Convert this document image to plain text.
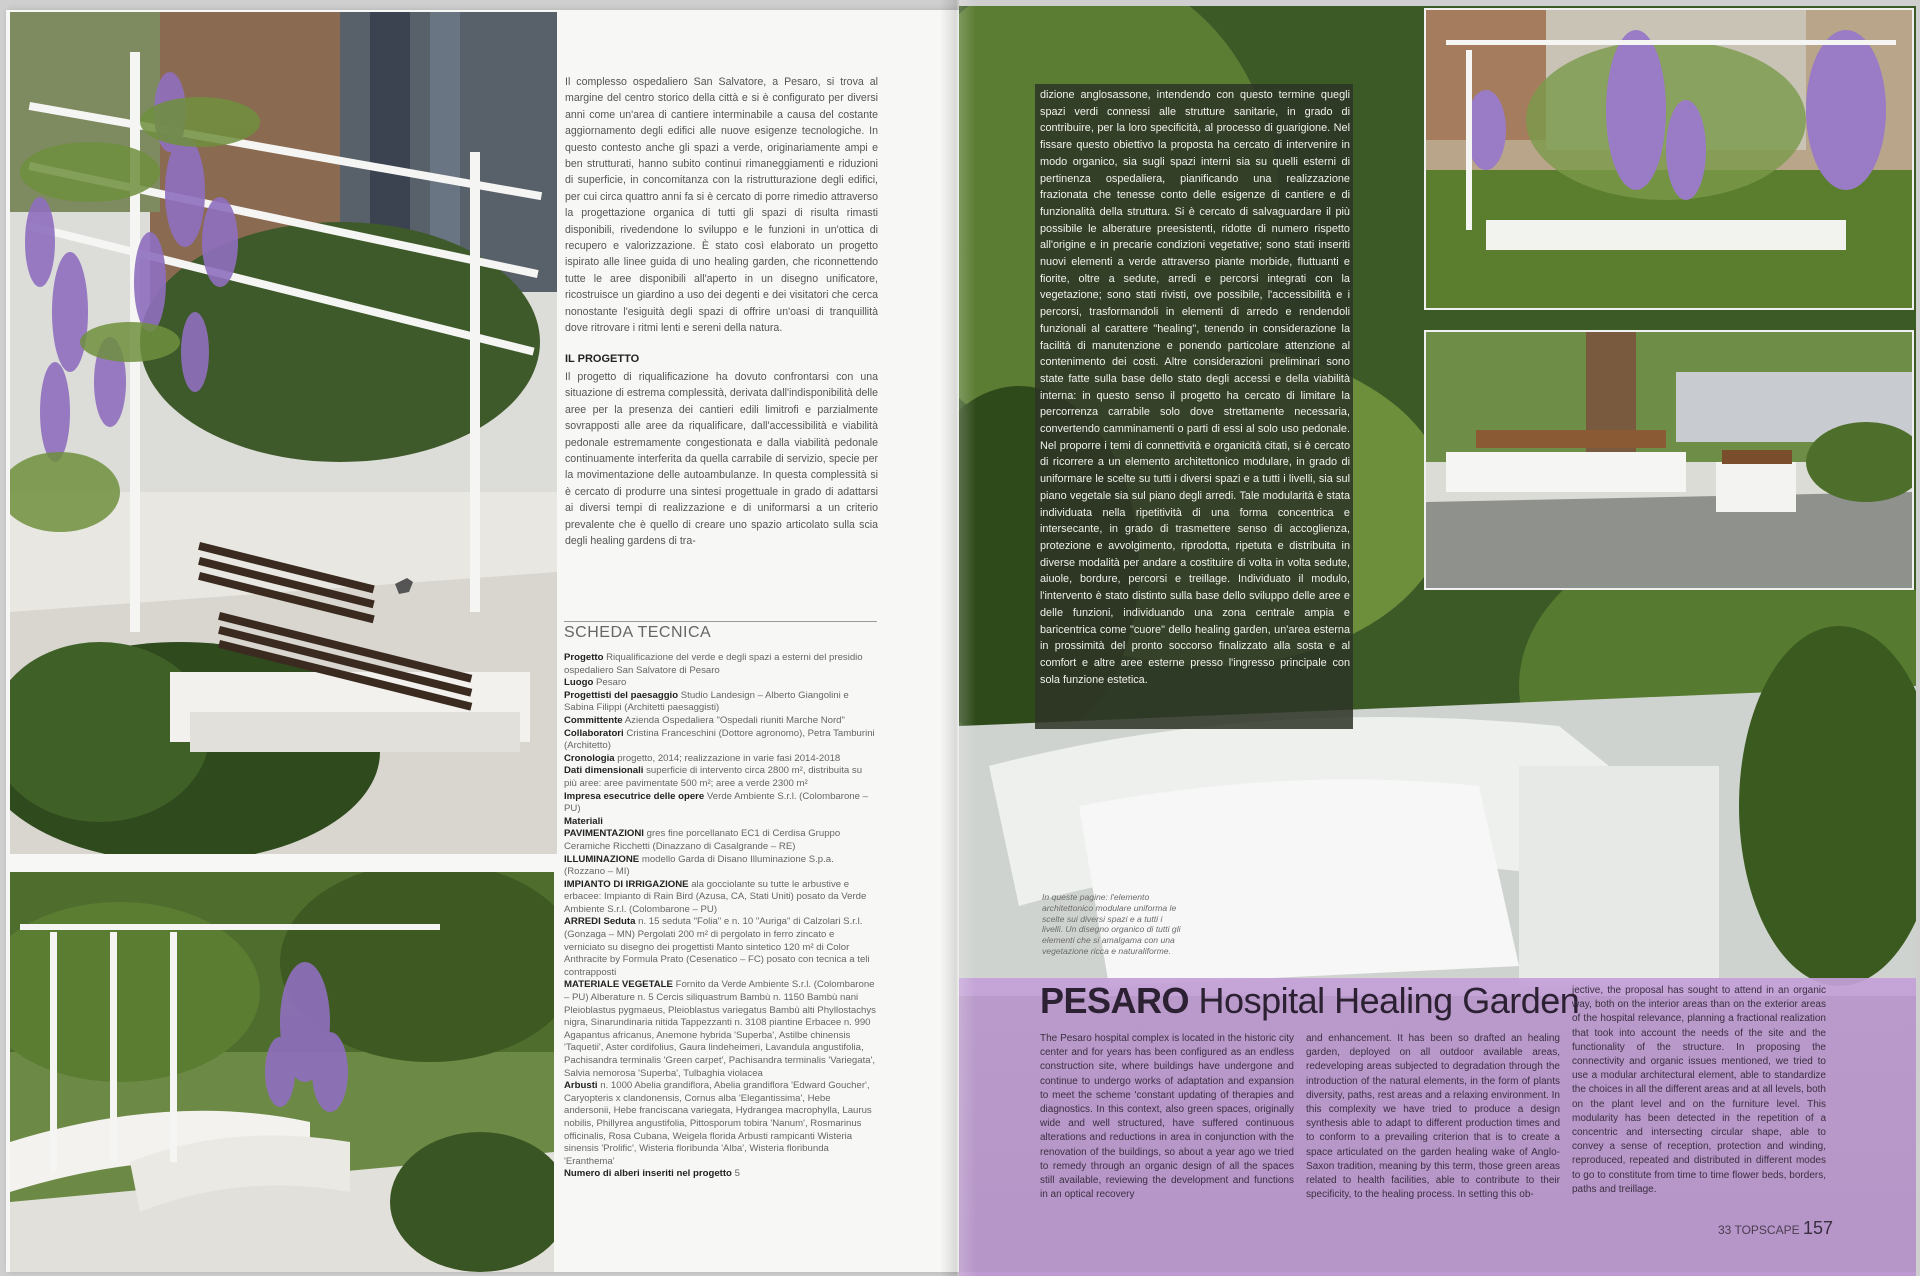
Il complesso ospedaliero San Salvatore, a Pesaro, si trova al margine del centro storico della città e si è configurato per diversi anni come un'area di cantiere interminabile a causa del costante aggiornamento degli edifici alle nuove esigenze tecnologiche. In questo contesto anche gli spazi a verde, originariamente ampi e ben strutturati, hanno subito continui rimaneggiamenti e riduzioni di superficie, in concomitanza con la ristrutturazione degli edifici, per cui circa quattro anni fa si è cercato di porre rimedio attraverso la progettazione organica di tutti gli spazi di risulta rimasti disponibili, rivedendone lo sviluppo e le funzioni in un'ottica di recupero e valorizzazione. È stato così elaborato un progetto ispirato alle linee guida di uno healing garden, che riconnettendo tutte le aree disponibili all'aperto in un disegno unificatore, ricostruisce un giardino a uso dei degenti e dei visitatori che cerca nonostante l'esiguità degli spazi di offrire un'oasi di tranquillità dove ritrovare i ritmi lenti e sereni della natura.

IL PROGETTO

Il progetto di riqualificazione ha dovuto confrontarsi con una situazione di estrema complessità, derivata dall'indisponibilità delle aree per la presenza dei cantieri edili limitrofi e parzialmente sovrapposti alle aree da riqualificare, dall'accessibilità e viabilità pedonale estremamente congestionata e dalla viabilità pedonale continuamente interferita da quella carrabile di servizio, specie per la movimentazione delle autoambulanze. In questa complessità si è cercato di produrre una sintesi progettuale in grado di adattarsi ai diversi tempi di realizzazione e di uniformarsi a un criterio prevalente che è quello di creare uno spazio articolato sulla scia degli healing gardens di tra-

SCHEDA TECNICA
Progetto Riqualificazione del verde e degli spazi a esterni del presidio ospedaliero San Salvatore di Pesaro
Luogo Pesaro
Progettisti del paesaggio Studio Landesign – Alberto Giangolini e Sabina Filippi (Architetti paesaggisti)
Committente Azienda Ospedaliera "Ospedali riuniti Marche Nord"
Collaboratori Cristina Franceschini (Dottore agronomo), Petra Tamburini (Architetto)
Cronologia progetto, 2014; realizzazione in varie fasi 2014-2018
Dati dimensionali superficie di intervento circa 2800 m², distribuita su più aree: aree pavimentate 500 m²; aree a verde 2300 m²
Impresa esecutrice delle opere Verde Ambiente S.r.l. (Colombarone – PU)
Materiali
PAVIMENTAZIONI gres fine porcellanato EC1 di Cerdisa Gruppo Ceramiche Ricchetti (Dinazzano di Casalgrande – RE)
ILLUMINAZIONE modello Garda di Disano Illuminazione S.p.a. (Rozzano – MI)
IMPIANTO DI IRRIGAZIONE ala gocciolante su tutte le arbustive e erbacee: Impianto di Rain Bird (Azusa, CA, Stati Uniti) posato da Verde Ambiente S.r.l. (Colombarone – PU)
ARREDI Seduta n. 15 seduta "Folia" e n. 10 "Auriga" di Calzolari S.r.l. (Gonzaga – MN) Pergolati 200 m² di pergolato in ferro zincato e verniciato su disegno dei progettisti Manto sintetico 120 m² di Color Anthracite by Formula Prato (Cesenatico – FC) posato con tecnica a teli contrapposti
MATERIALE VEGETALE Fornito da Verde Ambiente S.r.l. (Colombarone – PU) Alberature n. 5 Cercis siliquastrum Bambù n. 1150 Bambù nani Pleioblastus pygmaeus, Pleioblastus variegatus Bambù alti Phyllostachys nigra, Sinarundinaria nitida Tappezzanti n. 3108 piantine Erbacee n. 990 Agapantus africanus, Anemone hybrida 'Superba', Astilbe chinensis 'Taquetii', Aster cordifolius, Gaura lindeheimeri, Lavandula angustifolia, Pachisandra terminalis 'Green carpet', Pachisandra terminalis 'Variegata', Salvia nemorosa 'Superba', Tulbaghia violacea
Arbusti n. 1000 Abelia grandiflora, Abelia grandiflora 'Edward Goucher', Caryopteris x clandonensis, Cornus alba 'Elegantissima', Hebe andersonii, Hebe franciscana variegata, Hydrangea macrophylla, Laurus nobilis, Phillyrea angustifolia, Pittosporum tobira 'Nanum', Rosmarinus officinalis, Rosa Cubana, Weigela florida Arbusti rampicanti Wisteria sinensis 'Prolific', Wisteria floribunda 'Alba', Wisteria floribunda 'Eranthema'
Numero di alberi inseriti nel progetto 5

dizione anglosassone, intendendo con questo termine quegli spazi verdi connessi alle strutture sanitarie, in grado di contribuire, per la loro specificità, al processo di guarigione. Nel fissare questo obiettivo la proposta ha cercato di intervenire in modo organico, sia sugli spazi interni sia su quelli esterni di pertinenza ospedaliera, pianificando una realizzazione frazionata che tenesse conto delle esigenze di cantiere e di funzionalità della struttura. Si è cercato di salvaguardare il più possibile le alberature preesistenti, ridotte di numero rispetto all'origine e in precarie condizioni vegetative; sono stati inseriti nuovi elementi a verde attraverso piante morbide, fluttuanti e fiorite, oltre a sedute, arredi e percorsi integrati con la vegetazione; sono stati rivisti, ove possibile, l'accessibilità e i percorsi, trasformandoli in elementi di arredo e rendendoli funzionali al carattere "healing", tenendo in considerazione la facilità di manutenzione e ponendo particolare attenzione al contenimento dei costi. Altre considerazioni preliminari sono state fatte sulla base dello stato degli accessi e della viabilità interna: in questo senso il progetto ha cercato di limitare la percorrenza carrabile solo dove strettamente necessaria, convertendo camminamenti o parti di essi al solo uso pedonale. Nel proporre i temi di connettività e organicità citati, si è cercato di ricorrere a un elemento architettonico modulare, in grado di uniformare le scelte su tutti i diversi spazi e a tutti i livelli, sia sul piano vegetale sia sul piano degli arredi. Tale modularità è stata individuata nella ripetitività di una forma concentrica e intersecante, in grado di trasmettere senso di accoglienza, protezione e avvolgimento, riprodotta, ripetuta e distribuita in diverse modalità per andare a costituire di volta in volta sedute, aiuole, bordure, percorsi e treillage. Individuato il modulo, l'intervento è stato distinto sulla base dello sviluppo delle aree e delle funzioni, individuando una zona centrale ampia e baricentrica come "cuore" dello healing garden, un'area esterna in prossimità del pronto soccorso finalizzato alla sosta e al comfort e altre aree esterne presso l'ingresso principale con sola funzione estetica.

In queste pagine: l'elemento architettonico modulare uniforma le scelte sui diversi spazi e a tutti i livelli. Un disegno organico di tutti gli elementi che si amalgama con una vegetazione ricca e naturaliforme.
PESARO Hospital Healing Garden

The Pesaro hospital complex is located in the historic city center and for years has been configured as an endless construction site, where buildings have undergone and continue to undergo works of adaptation and expansion to meet the scheme 'constant updating of therapies and diagnostics. In this context, also green spaces, originally wide and well structured, have suffered continuous alterations and reductions in area in conjunction with the renovation of the buildings, so about a year ago we tried to remedy through an organic design of all the spaces still available, reviewing the development and functions in an optical recovery

and enhancement. It has been so drafted an healing garden, deployed on all outdoor available areas, redeveloping areas subjected to degradation through the introduction of the natural elements, in the form of plants diversity, paths, rest areas and a relaxing environment. In this complexity we have tried to produce a design synthesis able to adapt to different production times and to conform to a prevailing criterion that is to create a space articulated on the garden healing wake of Anglo-Saxon tradition, meaning by this term, those green areas related to health facilities, able to contribute to their specificity, to the healing process. In setting this ob-

jective, the proposal has sought to attend in an organic way, both on the interior areas than on the exterior areas of the hospital relevance, planning a fractional realization that took into account the needs of the site and the functionality of the structure. In proposing the connectivity and organic issues mentioned, we tried to use a modular architectural element, able to standardize the choices in all the different areas and at all levels, both on the plant level and on the furniture level. This modularity has been detected in the repetition of a concentric and intersecting circular shape, able to convey a sense of reception, protection and winding, reproduced, repeated and distributed in different modes to go to constitute from time to time flower beds, borders, paths and treillage.

33 TOPSCAPE 157
